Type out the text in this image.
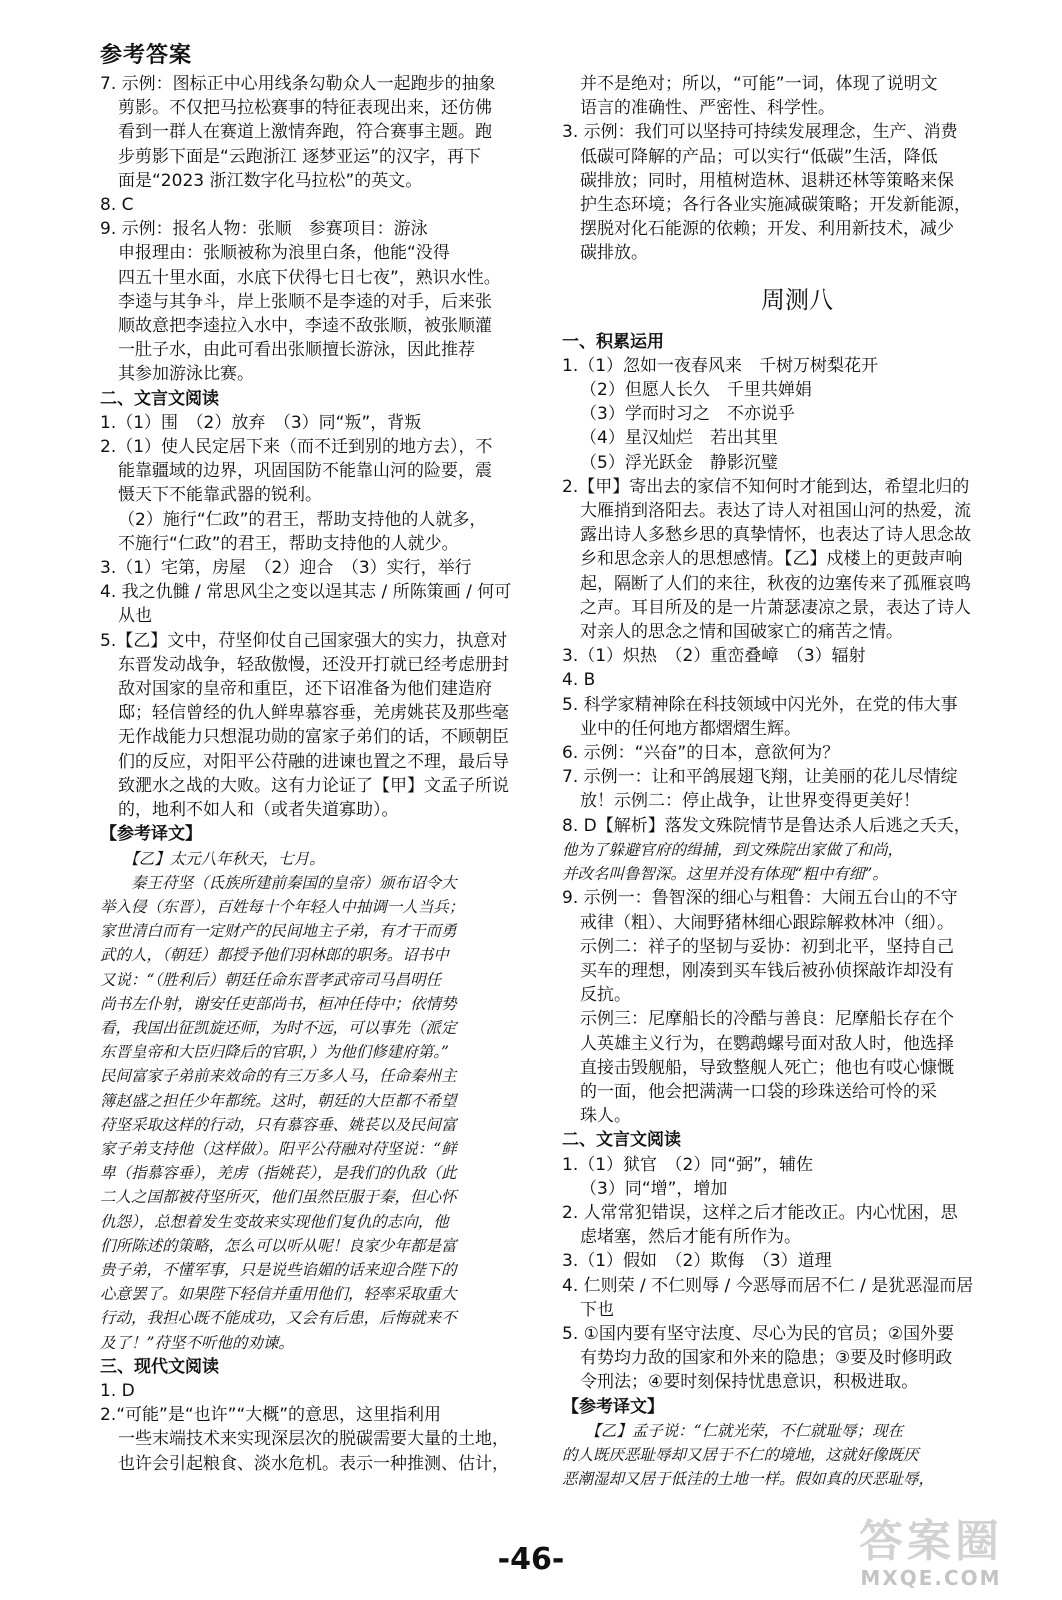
参考答案
7. 示例：图标正中心用线条勾勒众人一起跑步的抽象
剪影。不仅把马拉松赛事的特征表现出来，还仿佛
看到一群人在赛道上激情奔跑，符合赛事主题。跑
步剪影下面是“云跑浙江 逐梦亚运”的汉字，再下
面是“2023 浙江数字化马拉松”的英文。
8. C
9. 示例：报名人物：张顺　参赛项目：游泳
申报理由：张顺被称为浪里白条，他能“没得
四五十里水面，水底下伏得七日七夜”，熟识水性。
李逵与其争斗，岸上张顺不是李逵的对手，后来张
顺故意把李逵拉入水中，李逵不敌张顺，被张顺灌
一肚子水，由此可看出张顺擅长游泳，因此推荐
其参加游泳比赛。
二、文言文阅读
1.（1）围　（2）放弃　（3）同“叛”，背叛
2.（1）使人民定居下来（而不迁到别的地方去），不
能靠疆域的边界，巩固国防不能靠山河的险要，震
慑天下不能靠武器的锐利。
（2）施行“仁政”的君王，帮助支持他的人就多，
不施行“仁政”的君王，帮助支持他的人就少。
3.（1）宅第，房屋　（2）迎合　（3）实行，举行
4. 我之仇雠 / 常思风尘之变以逞其志 / 所陈策画 / 何可
从也
5.【乙】文中，苻坚仰仗自己国家强大的实力，执意对
东晋发动战争，轻敌傲慢，还没开打就已经考虑册封
敌对国家的皇帝和重臣，还下诏准备为他们建造府
邸；轻信曾经的仇人鲜卑慕容垂，羌虏姚苌及那些毫
无作战能力只想混功勋的富家子弟们的话，不顾朝臣
们的反应，对阳平公苻融的进谏也置之不理，最后导
致淝水之战的大败。这有力论证了【甲】文孟子所说
的，地利不如人和（或者失道寡助）。
【参考译文】
　　【乙】太元八年秋天，七月。
　　秦王苻坚（氐族所建前秦国的皇帝）颁布诏令大
举入侵（东晋），百姓每十个年轻人中抽调一人当兵；
家世清白而有一定财产的民间地主子弟，有才干而勇
武的人，（朝廷）都授予他们羽林郎的职务。诏书中
又说：“（胜利后）朝廷任命东晋孝武帝司马昌明任
尚书左仆射，谢安任吏部尚书，桓冲任侍中；依情势
看，我国出征凯旋还师，为时不远，可以事先（派定
东晋皇帝和大臣归降后的官职，）为他们修建府第。”
民间富家子弟前来效命的有三万多人马，任命秦州主
簿赵盛之担任少年都统。这时，朝廷的大臣都不希望
苻坚采取这样的行动，只有慕容垂、姚苌以及民间富
家子弟支持他（这样做）。阳平公苻融对苻坚说：“鲜
卑（指慕容垂），羌虏（指姚苌），是我们的仇敌（此
二人之国都被苻坚所灭，他们虽然臣服于秦，但心怀
仇怨），总想着发生变故来实现他们复仇的志向，他
们所陈述的策略，怎么可以听从呢！良家少年都是富
贵子弟，不懂军事，只是说些谄媚的话来迎合陛下的
心意罢了。如果陛下轻信并重用他们，轻率采取重大
行动，我担心既不能成功，又会有后患，后悔就来不
及了！”苻坚不听他的劝谏。
三、现代文阅读
1. D
2.“可能”是“也许”“大概”的意思，这里指利用
一些末端技术来实现深层次的脱碳需要大量的土地，
也许会引起粮食、淡水危机。表示一种推测、估计，
并不是绝对；所以，“可能”一词，体现了说明文
语言的准确性、严密性、科学性。
3. 示例：我们可以坚持可持续发展理念，生产、消费
低碳可降解的产品；可以实行“低碳”生活，降低
碳排放；同时，用植树造林、退耕还林等策略来保
护生态环境；各行各业实施减碳策略；开发新能源，
摆脱对化石能源的依赖；开发、利用新技术，减少
碳排放。
周测八
一、积累运用
1.（1）忽如一夜春风来　千树万树梨花开
（2）但愿人长久　千里共婵娟
（3）学而时习之　不亦说乎
（4）星汉灿烂　若出其里
（5）浮光跃金　静影沉璧
2.【甲】寄出去的家信不知何时才能到达，希望北归的
大雁捎到洛阳去。表达了诗人对祖国山河的热爱，流
露出诗人多愁乡思的真挚情怀，也表达了诗人思念故
乡和思念亲人的思想感情。【乙】戍楼上的更鼓声响
起，隔断了人们的来往，秋夜的边塞传来了孤雁哀鸣
之声。耳目所及的是一片萧瑟凄凉之景，表达了诗人
对亲人的思念之情和国破家亡的痛苦之情。
3.（1）炽热　（2）重峦叠嶂　（3）辐射
4. B
5. 科学家精神除在科技领域中闪光外，在党的伟大事
业中的任何地方都熠熠生辉。
6. 示例：“兴奋”的日本，意欲何为？
7. 示例一：让和平鸽展翅飞翔，让美丽的花儿尽情绽
放！示例二：停止战争，让世界变得更美好！
8. D【解析】落发文殊院情节是鲁达杀人后逃之夭夭，
他为了躲避官府的缉捕，到文殊院出家做了和尚，
并改名叫鲁智深。这里并没有体现“粗中有细”。
9. 示例一：鲁智深的细心与粗鲁：大闹五台山的不守
戒律（粗）、大闹野猪林细心跟踪解救林冲（细）。
示例二：祥子的坚韧与妥协：初到北平，坚持自己
买车的理想，刚凑到买车钱后被孙侦探敲诈却没有
反抗。
示例三：尼摩船长的冷酷与善良：尼摩船长存在个
人英雄主义行为，在鹦鹉螺号面对敌人时，他选择
直接击毁舰船，导致整舰人死亡；他也有哎心慷慨
的一面，他会把满满一口袋的珍珠送给可怜的采
珠人。
二、文言文阅读
1.（1）狱官　（2）同“弼”，辅佐
（3）同“增”，增加
2. 人常常犯错误，这样之后才能改正。内心忧困，思
虑堵塞，然后才能有所作为。
3.（1）假如　（2）欺侮　（3）道理
4. 仁则荣 / 不仁则辱 / 今恶辱而居不仁 / 是犹恶湿而居
下也
5. ①国内要有坚守法度、尽心为民的官员；②国外要
有势均力敌的国家和外来的隐患；③要及时修明政
令刑法；④要时刻保持忧患意识，积极进取。
【参考译文】
　　【乙】孟子说：“仁就光荣，不仁就耻辱；现在
的人既厌恶耻辱却又居于不仁的境地，这就好像既厌
恶潮湿却又居于低洼的土地一样。假如真的厌恶耻辱，
-46-	答案圈
MXQE.COM
